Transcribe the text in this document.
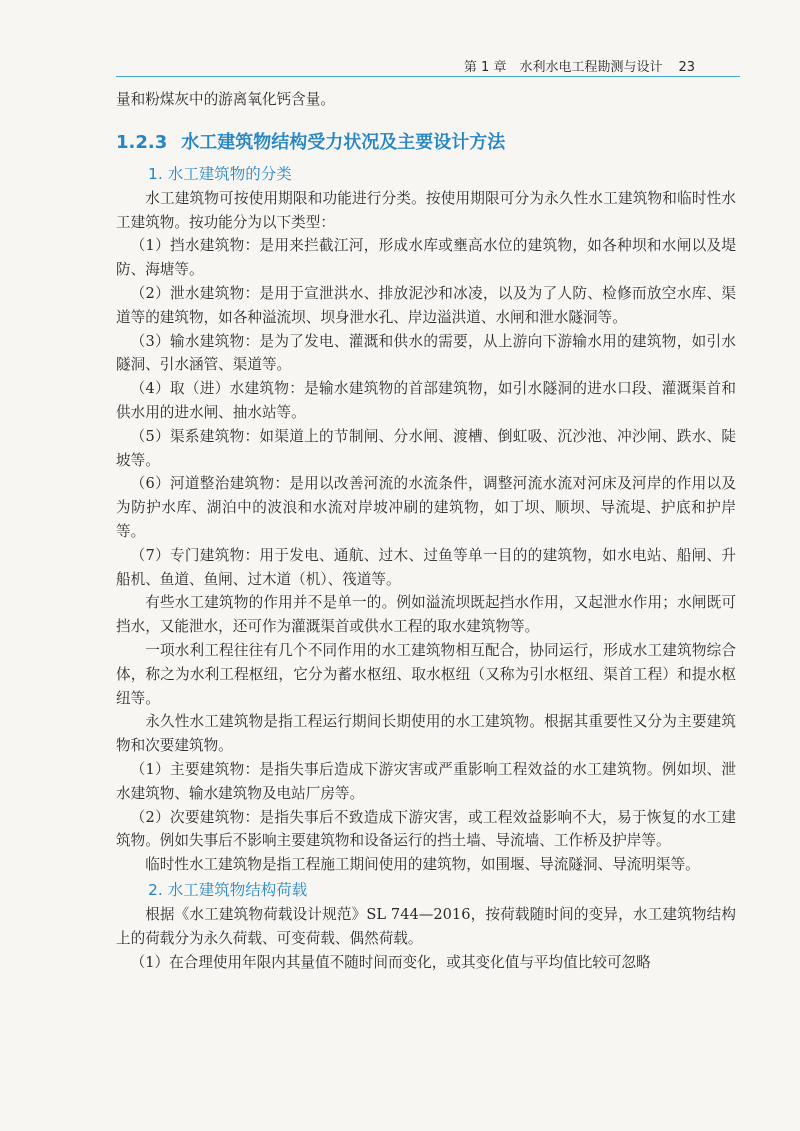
第 1 章　水利水电工程勘测与设计 23

量和粉煤灰中的游离氧化钙含量。

1.2.3 水工建筑物结构受力状况及主要设计方法
1. 水工建筑物的分类

水工建筑物可按使用期限和功能进行分类。按使用期限可分为永久性水工建筑物和临时性水工建筑物。按功能分为以下类型：

（1）挡水建筑物：是用来拦截江河，形成水库或壅高水位的建筑物，如各种坝和水闸以及堤防、海塘等。

（2）泄水建筑物：是用于宣泄洪水、排放泥沙和冰凌，以及为了人防、检修而放空水库、渠道等的建筑物，如各种溢流坝、坝身泄水孔、岸边溢洪道、水闸和泄水隧洞等。

（3）输水建筑物：是为了发电、灌溉和供水的需要，从上游向下游输水用的建筑物，如引水隧洞、引水涵管、渠道等。

（4）取（进）水建筑物：是输水建筑物的首部建筑物，如引水隧洞的进水口段、灌溉渠首和供水用的进水闸、抽水站等。

（5）渠系建筑物：如渠道上的节制闸、分水闸、渡槽、倒虹吸、沉沙池、冲沙闸、跌水、陡坡等。

（6）河道整治建筑物：是用以改善河流的水流条件，调整河流水流对河床及河岸的作用以及为防护水库、湖泊中的波浪和水流对岸坡冲刷的建筑物，如丁坝、顺坝、导流堤、护底和护岸等。

（7）专门建筑物：用于发电、通航、过木、过鱼等单一目的的建筑物，如水电站、船闸、升船机、鱼道、鱼闸、过木道（机）、筏道等。

有些水工建筑物的作用并不是单一的。例如溢流坝既起挡水作用，又起泄水作用；水闸既可挡水，又能泄水，还可作为灌溉渠首或供水工程的取水建筑物等。

一项水利工程往往有几个不同作用的水工建筑物相互配合，协同运行，形成水工建筑物综合体，称之为水利工程枢纽，它分为蓄水枢纽、取水枢纽（又称为引水枢纽、渠首工程）和提水枢纽等。

永久性水工建筑物是指工程运行期间长期使用的水工建筑物。根据其重要性又分为主要建筑物和次要建筑物。

（1）主要建筑物：是指失事后造成下游灾害或严重影响工程效益的水工建筑物。例如坝、泄水建筑物、输水建筑物及电站厂房等。

（2）次要建筑物：是指失事后不致造成下游灾害，或工程效益影响不大，易于恢复的水工建筑物。例如失事后不影响主要建筑物和设备运行的挡土墙、导流墙、工作桥及护岸等。

临时性水工建筑物是指工程施工期间使用的建筑物，如围堰、导流隧洞、导流明渠等。

2. 水工建筑物结构荷载

根据《水工建筑物荷载设计规范》SL 744—2016，按荷载随时间的变异，水工建筑物结构上的荷载分为永久荷载、可变荷载、偶然荷载。

（1）在合理使用年限内其量值不随时间而变化，或其变化值与平均值比较可忽略
